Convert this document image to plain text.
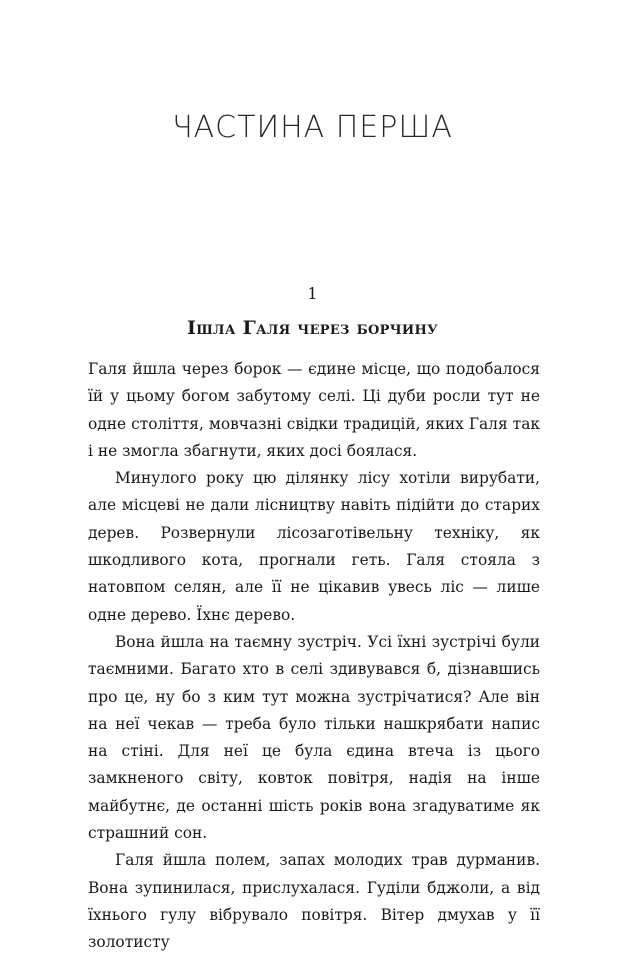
ЧАСТИНА ПЕРША
1
Ішла Галя через борчину

Галя йшла через борок — єдине місце, що подобалося їй у цьому богом забутому селі. Ці дуби росли тут не одне століття, мовчазні свідки традицій, яких Галя так і не змогла збагнути, яких досі боялася.

Минулого року цю ділянку лісу хотіли вирубати, але місцеві не дали лісництву навіть підійти до старих дерев. Розвернули лісозаготівельну техніку, як шкодливого кота, прогнали геть. Галя стояла з натовпом селян, але її не цікавив увесь ліс — лише одне дерево. Їхнє дерево.

Вона йшла на таємну зустріч. Усі їхні зустрічі були таємними. Багато хто в селі здивувався б, дізнавшись про це, ну бо з ким тут можна зустрічатися? Але він на неї чекав — треба було тільки нашкрябати напис на стіні. Для неї це була єдина втеча із цього замкненого світу, ковток повітря, надія на інше майбутнє, де останні шість років вона згадуватиме як страшний сон.

Галя йшла полем, запах молодих трав дурманив. Вона зупинилася, прислухалася. Гуділи бджоли, а від їхнього гулу вібрувало повітря. Вітер дмухав у її золотисту
